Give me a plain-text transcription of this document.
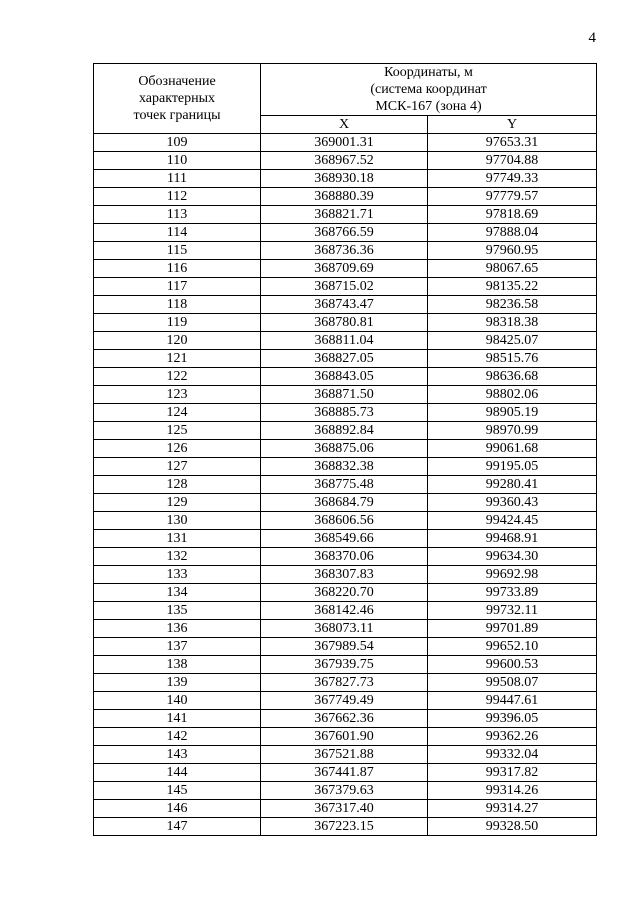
4
Обозначение
характерных
точек границы	Координаты, м
(система координат
МСК-167 (зона 4)	
	X	Y
109	369001.31	97653.31
110	368967.52	97704.88
111	368930.18	97749.33
112	368880.39	97779.57
113	368821.71	97818.69
114	368766.59	97888.04
115	368736.36	97960.95
116	368709.69	98067.65
117	368715.02	98135.22
118	368743.47	98236.58
119	368780.81	98318.38
120	368811.04	98425.07
121	368827.05	98515.76
122	368843.05	98636.68
123	368871.50	98802.06
124	368885.73	98905.19
125	368892.84	98970.99
126	368875.06	99061.68
127	368832.38	99195.05
128	368775.48	99280.41
129	368684.79	99360.43
130	368606.56	99424.45
131	368549.66	99468.91
132	368370.06	99634.30
133	368307.83	99692.98
134	368220.70	99733.89
135	368142.46	99732.11
136	368073.11	99701.89
137	367989.54	99652.10
138	367939.75	99600.53
139	367827.73	99508.07
140	367749.49	99447.61
141	367662.36	99396.05
142	367601.90	99362.26
143	367521.88	99332.04
144	367441.87	99317.82
145	367379.63	99314.26
146	367317.40	99314.27
147	367223.15	99328.50
